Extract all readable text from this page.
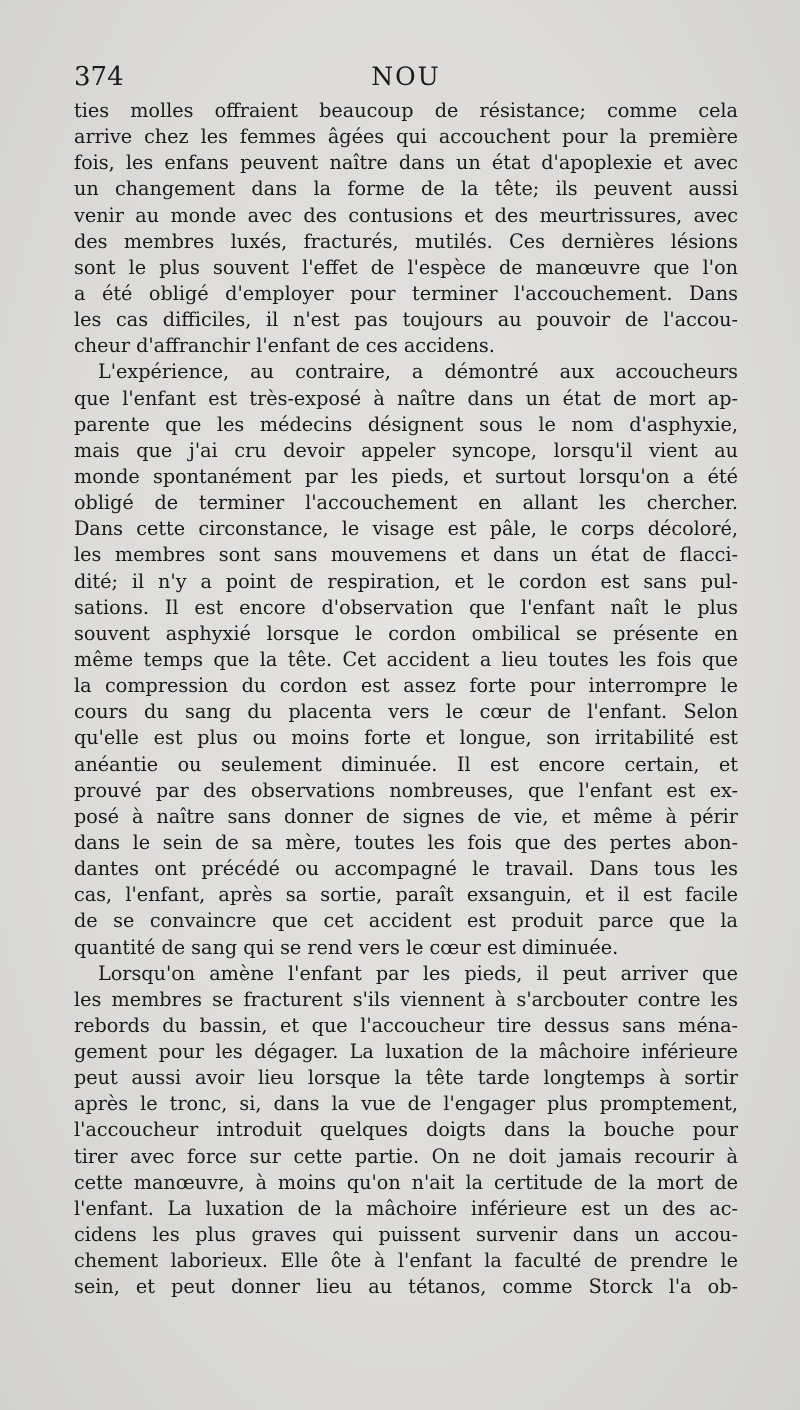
374	NOU
ties molles offraient beaucoup de résistance; comme cela
arrive chez les femmes âgées qui accouchent pour la première
fois, les enfans peuvent naître dans un état d'apoplexie et avec
un changement dans la forme de la tête; ils peuvent aussi
venir au monde avec des contusions et des meurtrissures, avec
des membres luxés, fracturés, mutilés. Ces dernières lésions
sont le plus souvent l'effet de l'espèce de manœuvre que l'on
a été obligé d'employer pour terminer l'accouchement. Dans
les cas difficiles, il n'est pas toujours au pouvoir de l'accou-
cheur d'affranchir l'enfant de ces accidens.
L'expérience, au contraire, a démontré aux accoucheurs
que l'enfant est très-exposé à naître dans un état de mort ap-
parente que les médecins désignent sous le nom d'asphyxie,
mais que j'ai cru devoir appeler syncope, lorsqu'il vient au
monde spontanément par les pieds, et surtout lorsqu'on a été
obligé de terminer l'accouchement en allant les chercher.
Dans cette circonstance, le visage est pâle, le corps décoloré,
les membres sont sans mouvemens et dans un état de flacci-
dité; il n'y a point de respiration, et le cordon est sans pul-
sations. Il est encore d'observation que l'enfant naît le plus
souvent asphyxié lorsque le cordon ombilical se présente en
même temps que la tête. Cet accident a lieu toutes les fois que
la compression du cordon est assez forte pour interrompre le
cours du sang du placenta vers le cœur de l'enfant. Selon
qu'elle est plus ou moins forte et longue, son irritabilité est
anéantie ou seulement diminuée. Il est encore certain, et
prouvé par des observations nombreuses, que l'enfant est ex-
posé à naître sans donner de signes de vie, et même à périr
dans le sein de sa mère, toutes les fois que des pertes abon-
dantes ont précédé ou accompagné le travail. Dans tous les
cas, l'enfant, après sa sortie, paraît exsanguin, et il est facile
de se convaincre que cet accident est produit parce que la
quantité de sang qui se rend vers le cœur est diminuée.
Lorsqu'on amène l'enfant par les pieds, il peut arriver que
les membres se fracturent s'ils viennent à s'arcbouter contre les
rebords du bassin, et que l'accoucheur tire dessus sans ména-
gement pour les dégager. La luxation de la mâchoire inférieure
peut aussi avoir lieu lorsque la tête tarde longtemps à sortir
après le tronc, si, dans la vue de l'engager plus promptement,
l'accoucheur introduit quelques doigts dans la bouche pour
tirer avec force sur cette partie. On ne doit jamais recourir à
cette manœuvre, à moins qu'on n'ait la certitude de la mort de
l'enfant. La luxation de la mâchoire inférieure est un des ac-
cidens les plus graves qui puissent survenir dans un accou-
chement laborieux. Elle ôte à l'enfant la faculté de prendre le
sein, et peut donner lieu au tétanos, comme Storck l'a ob-
